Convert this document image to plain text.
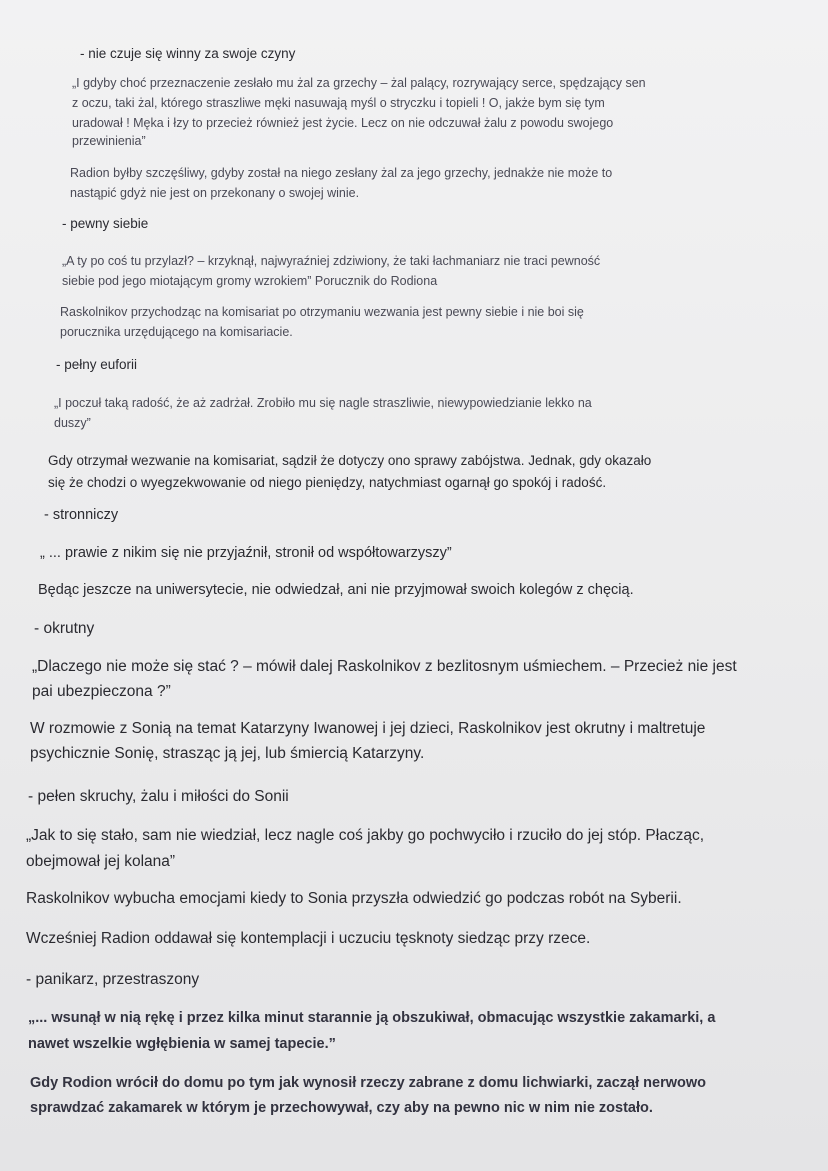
- nie czuje się winny za swoje czyny
„I gdyby choć przeznaczenie zesłało mu żal za grzechy – żal palący, rozrywający serce, spędzający sen
z oczu, taki żal, którego straszliwe męki nasuwają myśl o stryczku i topieli ! O, jakże bym się tym
uradował ! Męka i łzy to przecież również jest życie. Lecz on nie odczuwał żalu z powodu swojego
przewinienia”
Radion byłby szczęśliwy, gdyby został na niego zesłany żal za jego grzechy, jednakże nie może to
nastąpić gdyż nie jest on przekonany o swojej winie.
- pewny siebie
„A ty po coś tu przylazł? – krzyknął, najwyraźniej zdziwiony, że taki łachmaniarz nie traci pewność
siebie pod jego miotającym gromy wzrokiem” Porucznik do Rodiona
Raskolnikov przychodząc na komisariat po otrzymaniu wezwania jest pewny siebie i nie boi się
porucznika urzędującego na komisariacie.
- pełny euforii
„I poczuł taką radość, że aż zadrżał. Zrobiło mu się nagle straszliwie, niewypowiedzianie lekko na
duszy”
Gdy otrzymał wezwanie na komisariat, sądził że dotyczy ono sprawy zabójstwa. Jednak, gdy okazało
się że chodzi o wyegzekwowanie od niego pieniędzy, natychmiast ogarnął go spokój i radość.
- stronniczy
„ ... prawie z nikim się nie przyjaźnił, stronił od współtowarzyszy”
Będąc jeszcze na uniwersytecie, nie odwiedzał, ani nie przyjmował swoich kolegów z chęcią.
- okrutny
„Dlaczego nie może się stać ? – mówił dalej Raskolnikov z bezlitosnym uśmiechem. – Przecież nie jest
pai ubezpieczona ?”
W rozmowie z Sonią na temat Katarzyny Iwanowej i jej dzieci, Raskolnikov jest okrutny i maltretuje
psychicznie Sonię, strasząc ją jej, lub śmiercią Katarzyny.
- pełen skruchy, żalu i miłości do Sonii
„Jak to się stało, sam nie wiedział, lecz nagle coś jakby go pochwyciło i rzuciło do jej stóp. Płacząc,
obejmował jej kolana”
Raskolnikov wybucha emocjami kiedy to Sonia przyszła odwiedzić go podczas robót na Syberii.
Wcześniej Radion oddawał się kontemplacji i uczuciu tęsknoty siedząc przy rzece.
- panikarz, przestraszony
„... wsunął w nią rękę i przez kilka minut starannie ją obszukiwał, obmacując wszystkie zakamarki, a
nawet wszelkie wgłębienia w samej tapecie.”
Gdy Rodion wrócił do domu po tym jak wynosił rzeczy zabrane z domu lichwiarki, zaczął nerwowo
sprawdzać zakamarek w którym je przechowywał, czy aby na pewno nic w nim nie zostało.
